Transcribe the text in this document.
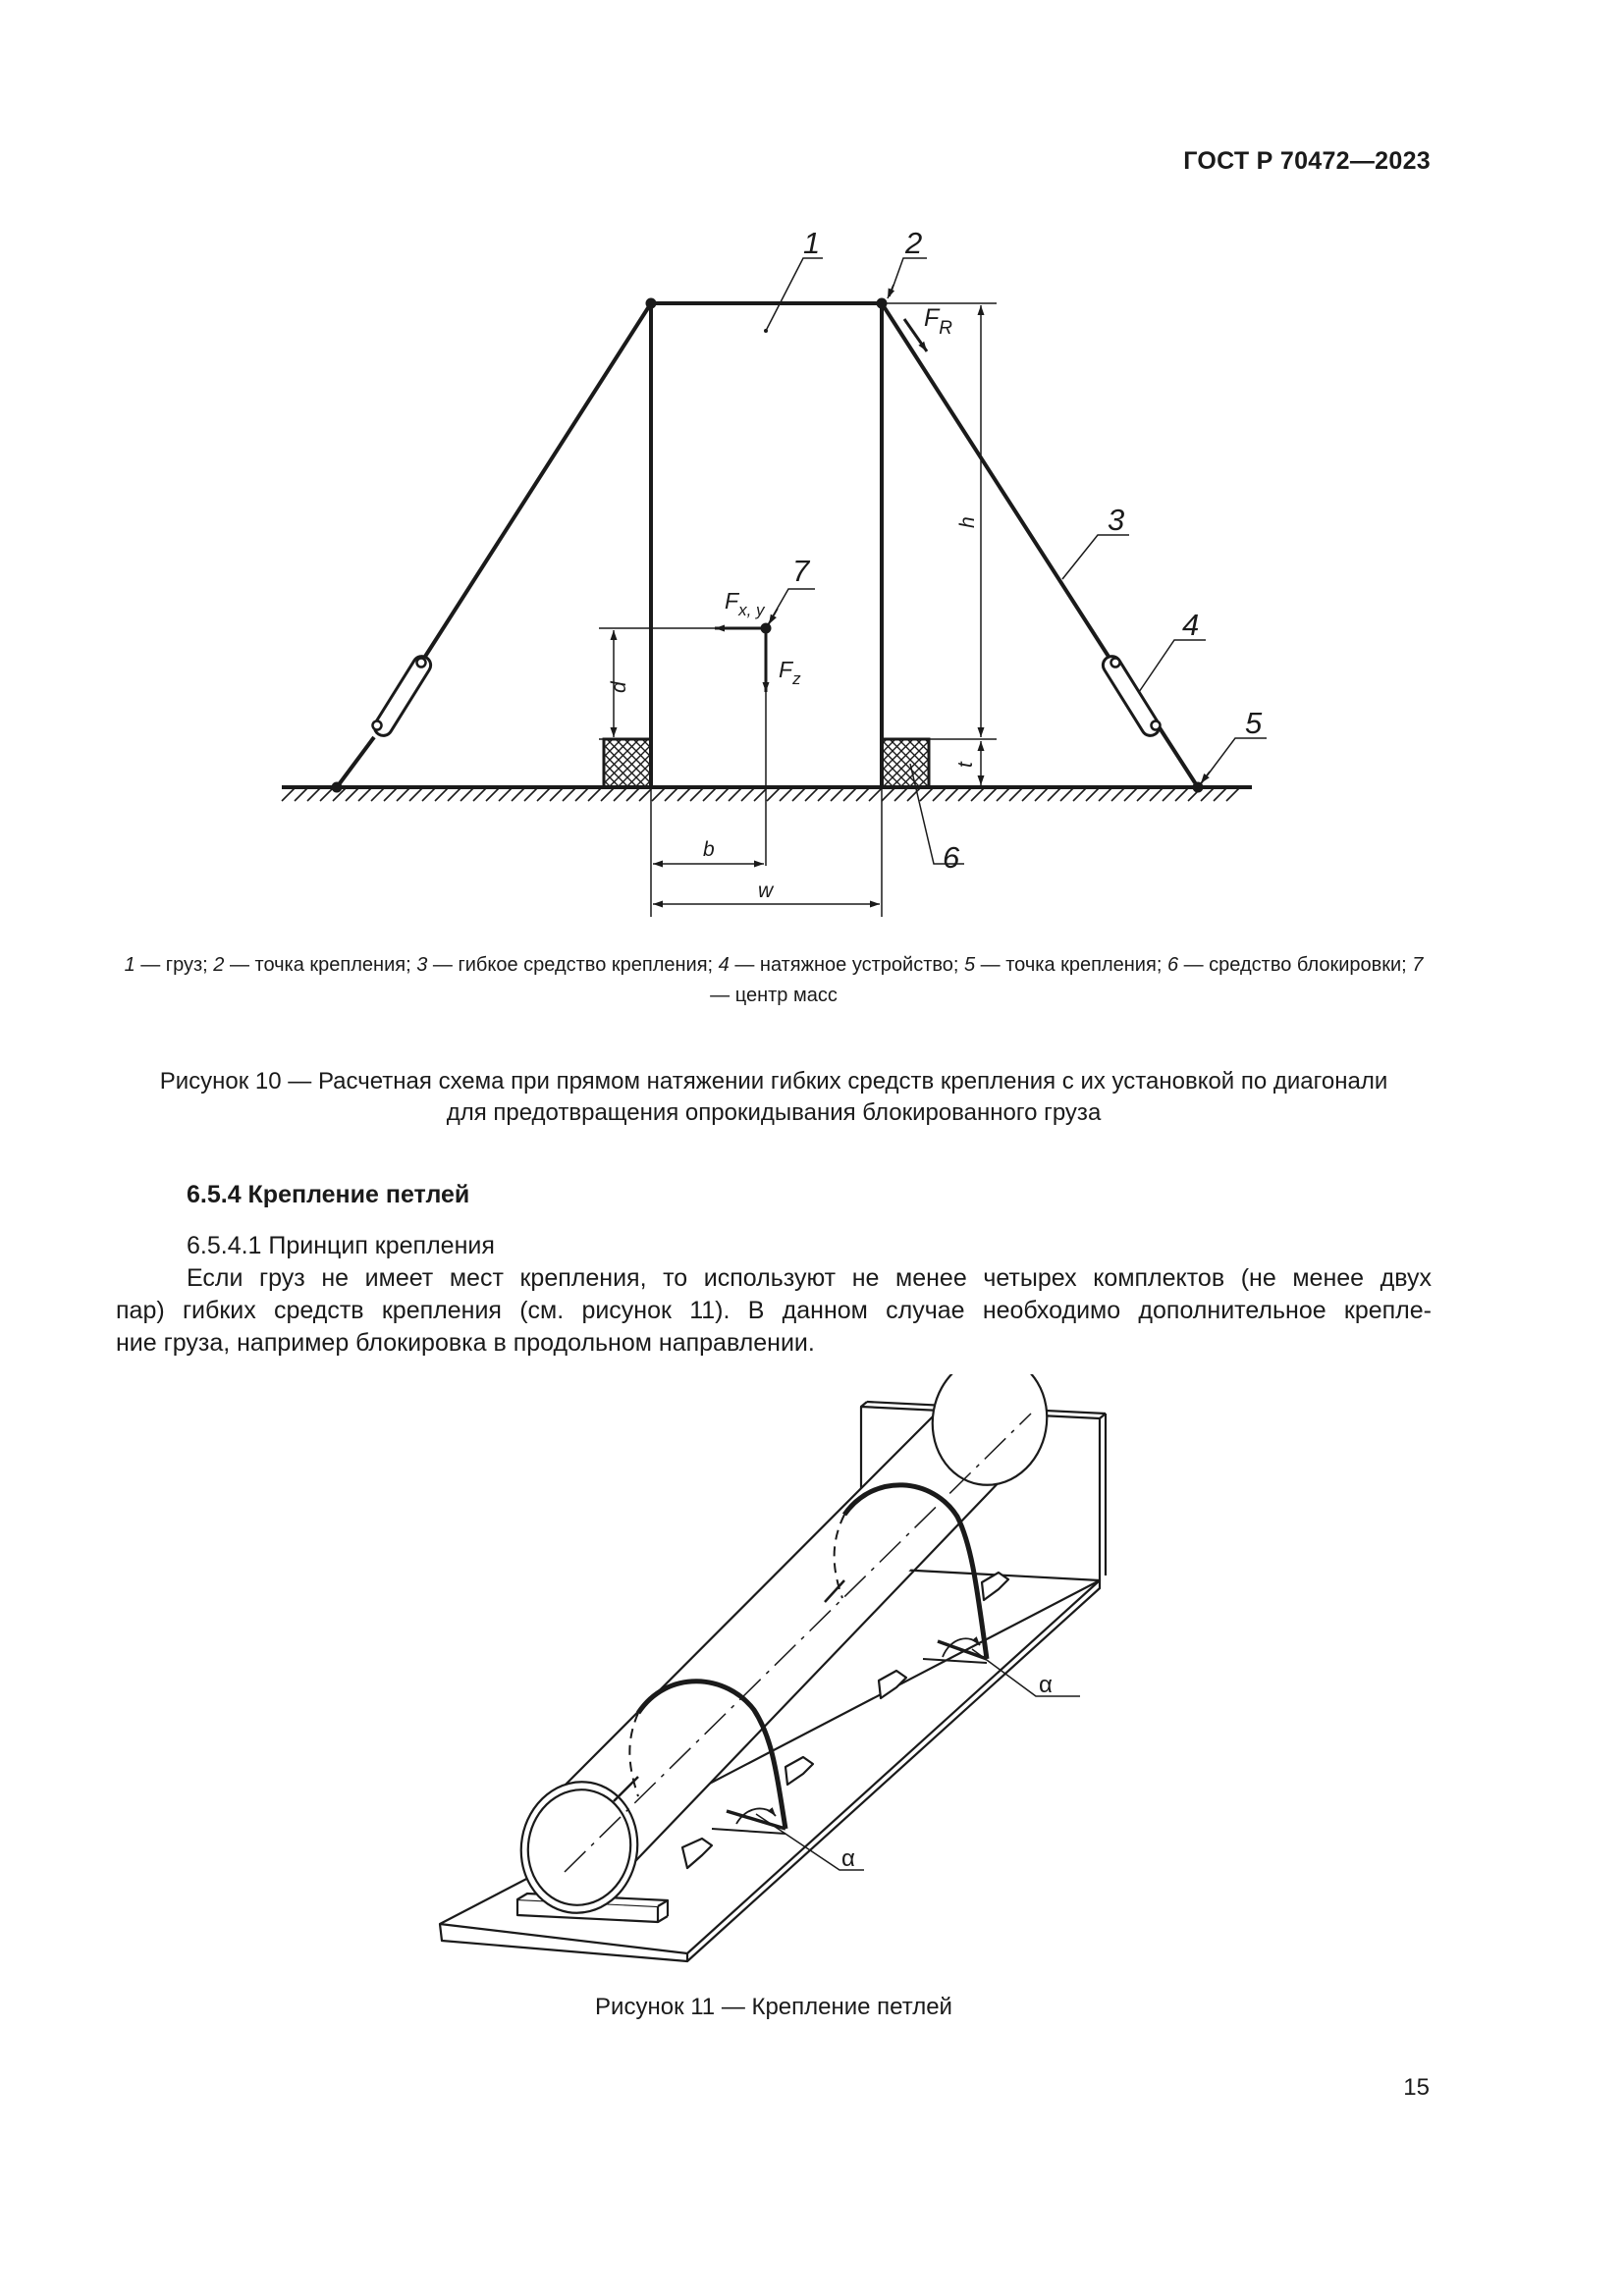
ГОСТ Р 70472—2023
$F_R$
$F_{x, y}$
$F_z$
h
t
d
b
w
1	2
3
4
5
6
7
1 — груз; 2 — точка крепления; 3 — гибкое средство крепления; 4 — натяжное устройство; 5 — точка крепления; 6 — средство блокировки; 7 — центр масс
Рисунок 10 — Расчетная схема при прямом натяжении гибких средств крепления с их установкой по диагонали
для предотвращения опрокидывания блокированного груза
6.5.4 Крепление петлей
6.5.4.1 Принцип крепления
Если груз не имеет мест крепления, то используют не менее четырех комплектов (не менее двух
пар) гибких средств крепления (см. рисунок 11). В данном случае необходимо дополнительное крепле-
ние груза, например блокировка в продольном направлении.
α
α
Рисунок 11 — Крепление петлей
15
